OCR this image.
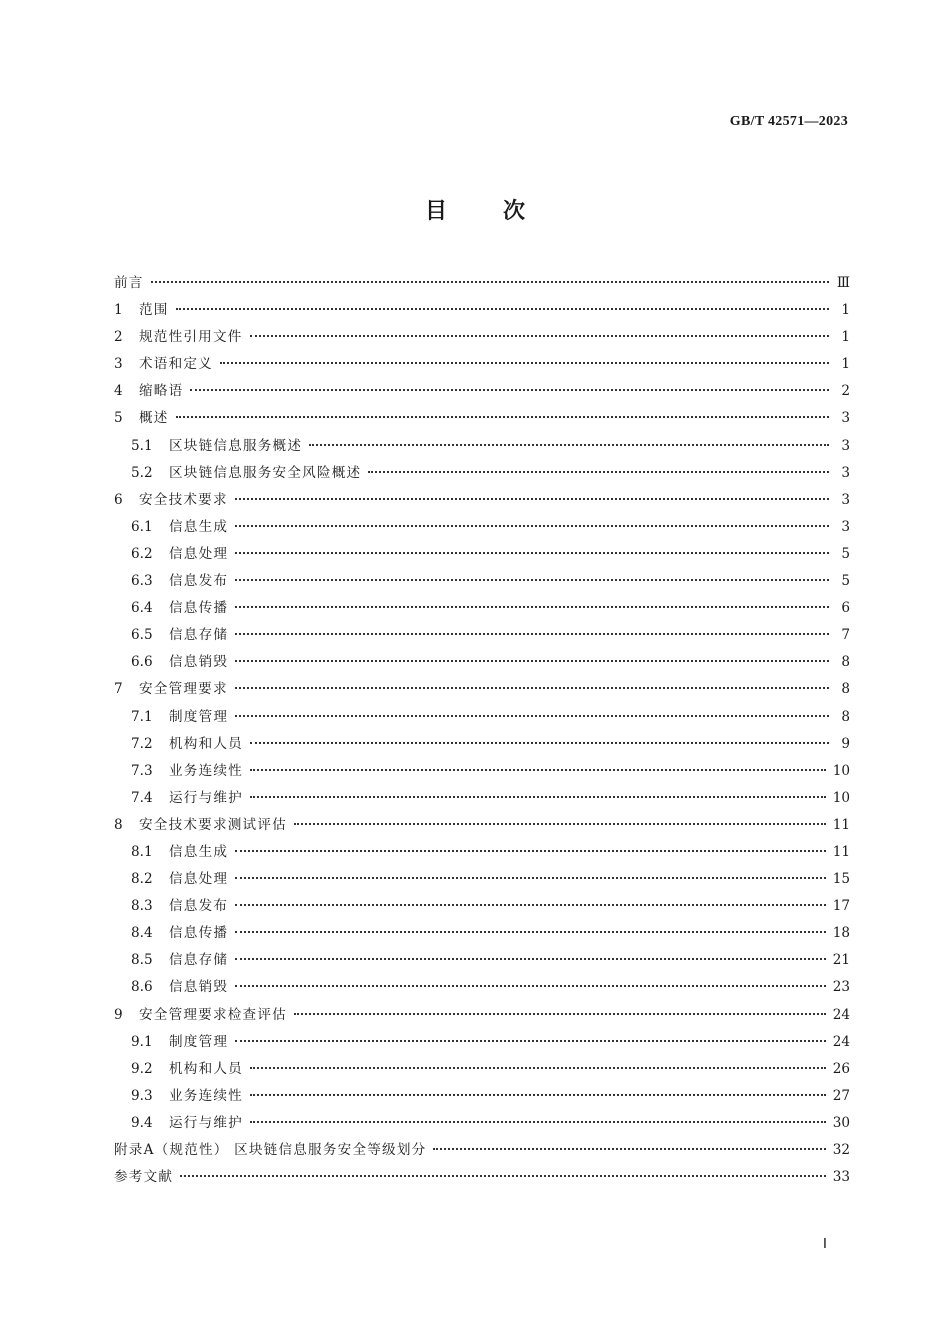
GB/T 42571—2023
目次
前言	Ⅲ
1	范围	1
2	规范性引用文件	1
3	术语和定义	1
4	缩略语	2
5	概述	3
5.1	区块链信息服务概述	3
5.2	区块链信息服务安全风险概述	3
6	安全技术要求	3
6.1	信息生成	3
6.2	信息处理	5
6.3	信息发布	5
6.4	信息传播	6
6.5	信息存储	7
6.6	信息销毁	8
7	安全管理要求	8
7.1	制度管理	8
7.2	机构和人员	9
7.3	业务连续性	10
7.4	运行与维护	10
8	安全技术要求测试评估	11
8.1	信息生成	11
8.2	信息处理	15
8.3	信息发布	17
8.4	信息传播	18
8.5	信息存储	21
8.6	信息销毁	23
9	安全管理要求检查评估	24
9.1	制度管理	24
9.2	机构和人员	26
9.3	业务连续性	27
9.4	运行与维护	30
附录A（规范性） 区块链信息服务安全等级划分	32
参考文献	33
Ⅰ
